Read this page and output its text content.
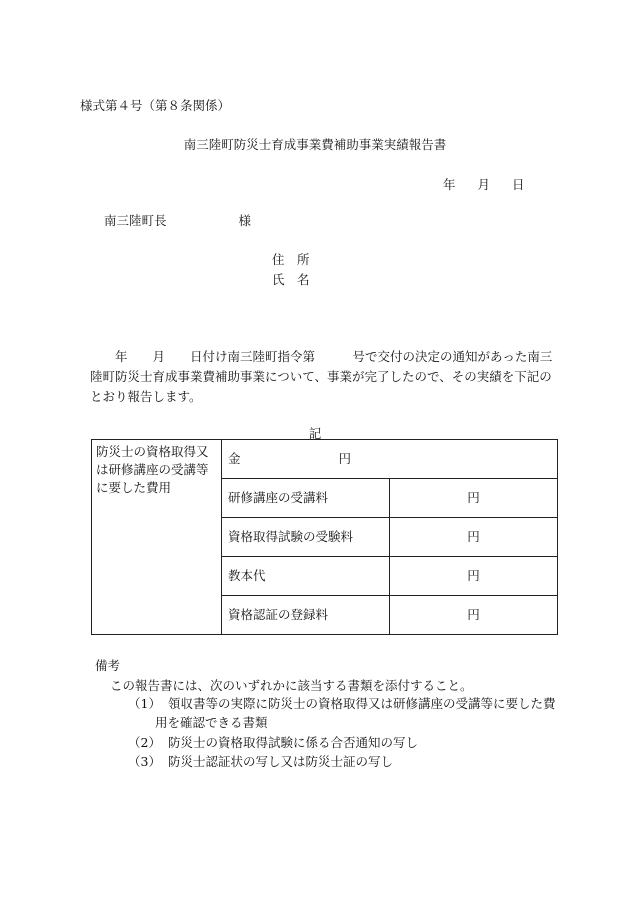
様式第４号（第８条関係）
南三陸町防災士育成事業費補助事業実績報告書
年 月 日
南三陸町長	様
住　所
氏　名
　　年　　月　　日付け南三陸町指令第　　　号で交付の決定の通知があった南三陸町防災士育成事業費補助事業について、事業が完了したので、その実績を下記のとおり報告します。
記
防災士の資格取得又は研修講座の受講等に要した費用	金 円	
	研修講座の受講料	円
	資格取得試験の受験料	円
	教本代	円
	資格認証の登録料	円
備考
この報告書には、次のいずれかに該当する書類を添付すること。
（1） 領収書等の実際に防災士の資格取得又は研修講座の受講等に要した費
用を確認できる書類
（2） 防災士の資格取得試験に係る合否通知の写し
（3） 防災士認証状の写し又は防災士証の写し
